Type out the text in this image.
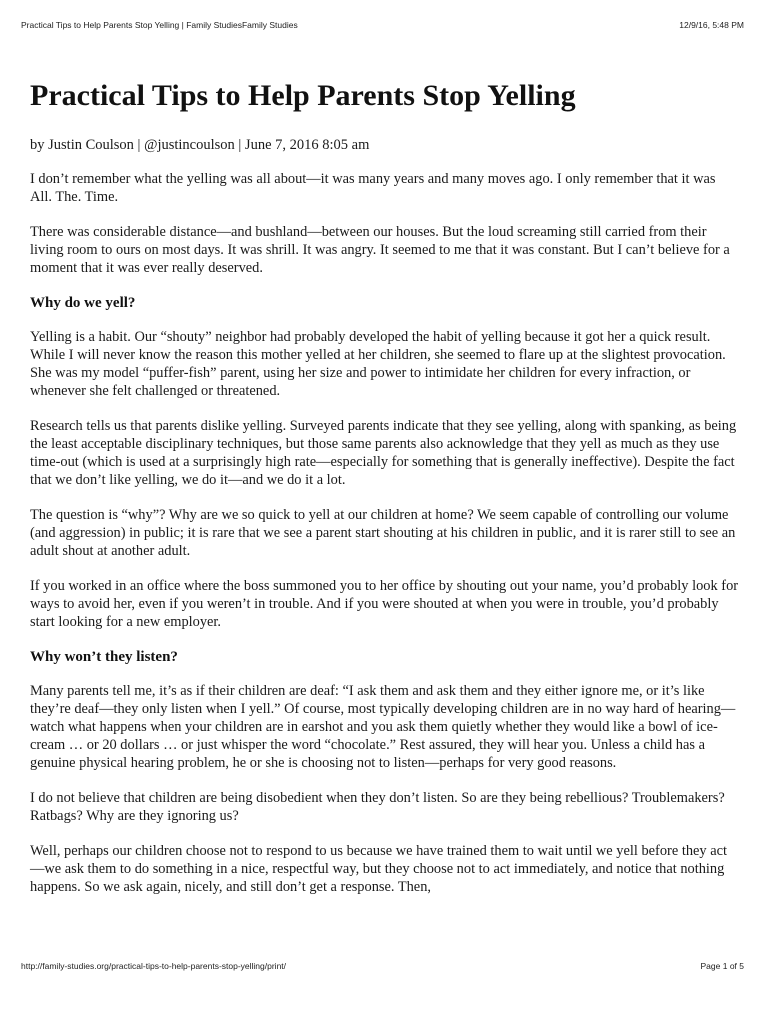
Practical Tips to Help Parents Stop Yelling | Family StudiesFamily Studies	12/9/16, 5:48 PM
Practical Tips to Help Parents Stop Yelling
by Justin Coulson | @justincoulson | June 7, 2016 8:05 am

I don’t remember what the yelling was all about—it was many years and many moves ago. I only remember that it was All. The. Time.

There was considerable distance—and bushland—between our houses. But the loud screaming still carried from their living room to ours on most days. It was shrill. It was angry. It seemed to me that it was constant. But I can’t believe for a moment that it was ever really deserved.

Why do we yell?

Yelling is a habit. Our “shouty” neighbor had probably developed the habit of yelling because it got her a quick result. While I will never know the reason this mother yelled at her children, she seemed to flare up at the slightest provocation. She was my model “puffer-fish” parent, using her size and power to intimidate her children for every infraction, or whenever she felt challenged or threatened.

Research tells us that parents dislike yelling. Surveyed parents indicate that they see yelling, along with spanking, as being the least acceptable disciplinary techniques, but those same parents also acknowledge that they yell as much as they use time-out (which is used at a surprisingly high rate—especially for something that is generally ineffective). Despite the fact that we don’t like yelling, we do it—and we do it a lot.

The question is “why”? Why are we so quick to yell at our children at home? We seem capable of controlling our volume (and aggression) in public; it is rare that we see a parent start shouting at his children in public, and it is rarer still to see an adult shout at another adult.

If you worked in an office where the boss summoned you to her office by shouting out your name, you’d probably look for ways to avoid her, even if you weren’t in trouble. And if you were shouted at when you were in trouble, you’d probably start looking for a new employer.

Why won’t they listen?

Many parents tell me, it’s as if their children are deaf: “I ask them and ask them and they either ignore me, or it’s like they’re deaf—they only listen when I yell.” Of course, most typically developing children are in no way hard of hearing—watch what happens when your children are in earshot and you ask them quietly whether they would like a bowl of ice-cream … or 20 dollars … or just whisper the word “chocolate.” Rest assured, they will hear you. Unless a child has a genuine physical hearing problem, he or she is choosing not to listen—perhaps for very good reasons.

I do not believe that children are being disobedient when they don’t listen. So are they being rebellious? Troublemakers? Ratbags? Why are they ignoring us?

Well, perhaps our children choose not to respond to us because we have trained them to wait until we yell before they act—we ask them to do something in a nice, respectful way, but they choose not to act immediately, and notice that nothing happens. So we ask again, nicely, and still don’t get a response. Then,

http://family-studies.org/practical-tips-to-help-parents-stop-yelling/print/	Page 1 of 5
